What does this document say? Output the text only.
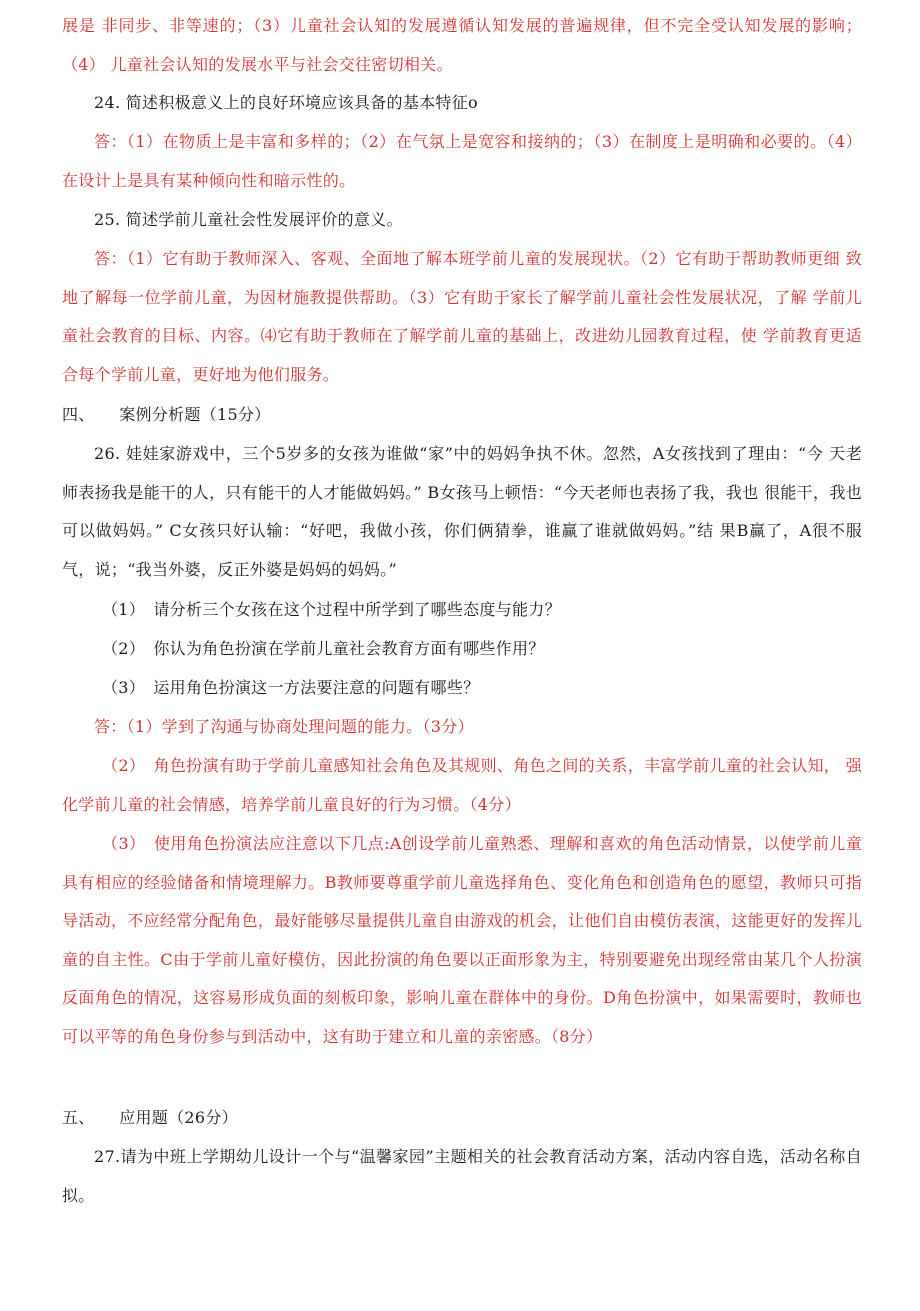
展是 非同步、非等速的；（3）儿童社会认知的发展遵循认知发展的普遍规律，但不完全受认知发展的影响；（4） 儿童社会认知的发展水平与社会交往密切相关。

24. 简述积极意义上的良好环境应该具备的基本特征o

答：（1）在物质上是丰富和多样的；（2）在气氛上是宽容和接纳的；（3）在制度上是明确和必要的。（4） 在设计上是具有某种倾向性和暗示性的。

25. 简述学前儿童社会性发展评价的意义。

答：（1）它有助于教师深入、客观、全面地了解本班学前儿童的发展现状。（2）它有助于帮助教师更细 致地了解每一位学前儿童，为因材施教提供帮助。（3）它有助于家长了解学前儿童社会性发展状况，了解 学前儿童社会教育的目标、内容。⑷它有助于教师在了解学前儿童的基础上，改进幼儿园教育过程，使 学前教育更适合每个学前儿童，更好地为他们服务。

四、　　案例分析题（15分）

26. 娃娃家游戏中，三个5岁多的女孩为谁做“家”中的妈妈争执不休。忽然，A女孩找到了理由：“今 天老师表扬我是能干的人，只有能干的人才能做妈妈。” B女孩马上顿悟：“今天老师也表扬了我，我也 很能干，我也可以做妈妈。” C女孩只好认输：“好吧，我做小孩，你们俩猜拳，谁赢了谁就做妈妈。”结 果B赢了，A很不服气，说；“我当外婆，反正外婆是妈妈的妈妈。”

（1）　请分析三个女孩在这个过程中所学到了哪些态度与能力？

（2）　你认为角色扮演在学前儿童社会教育方面有哪些作用？

（3）　运用角色扮演这一方法要注意的问题有哪些？

答：（1）学到了沟通与协商处理问题的能力。（3分）

（2）　角色扮演有助于学前儿童感知社会角色及其规则、角色之间的关系，丰富学前儿童的社会认知， 强化学前儿童的社会情感，培养学前儿童良好的行为习惯。（4分）

（3）　使用角色扮演法应注意以下几点:A创设学前儿童熟悉、理解和喜欢的角色活动情景，以使学前儿童具有相应的经验储备和情境理解力。B教师要尊重学前儿童选择角色、变化角色和创造角色的愿望，教师只可指导活动，不应经常分配角色，最好能够尽量提供儿童自由游戏的机会，让他们自由模仿表演，这能更好的发挥儿童的自主性。C由于学前儿童好模仿，因此扮演的角色要以正面形象为主，特别要避免出现经常由某几个人扮演反面角色的情况，这容易形成负面的刻板印象，影响儿童在群体中的身份。D角色扮演中，如果需要时，教师也可以平等的角色身份参与到活动中，这有助于建立和儿童的亲密感。（8分）

五、　　应用题（26分）

27.请为中班上学期幼儿设计一个与“温馨家园”主题相关的社会教育活动方案，活动内容自选，活动名称自拟。
